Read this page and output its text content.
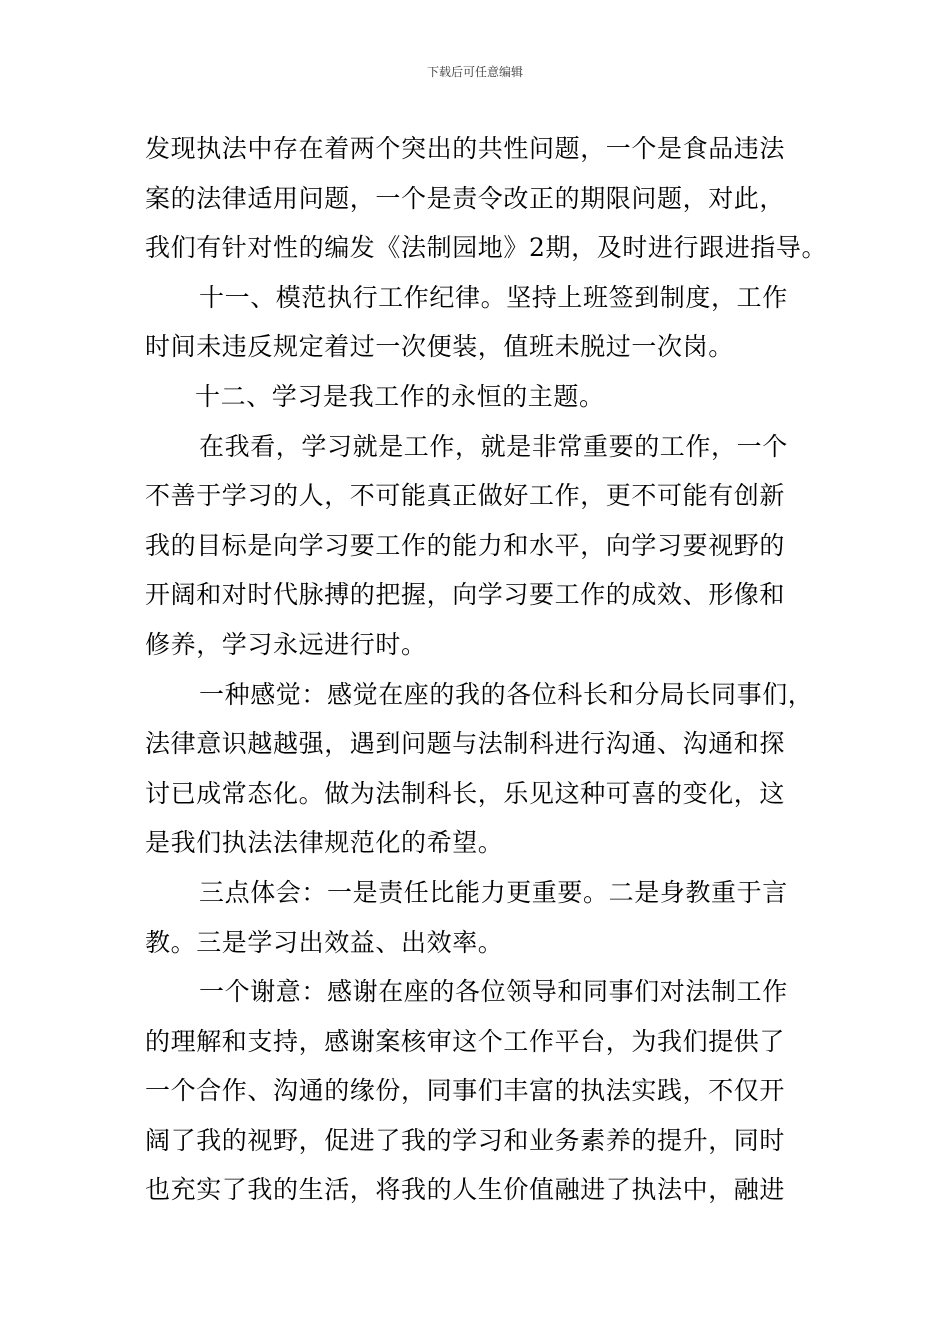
下载后可任意编辑
发现执法中存在着两个突出的共性问题，一个是食品违法
案的法律适用问题，一个是责令改正的期限问题，对此，
我们有针对性的编发《法制园地》2期，及时进行跟进指导。
十一、模范执行工作纪律。坚持上班签到制度，工作
时间未违反规定着过一次便装，值班未脱过一次岗。
十二、学习是我工作的永恒的主题。
在我看，学习就是工作，就是非常重要的工作，一个
不善于学习的人，不可能真正做好工作，更不可能有创新
我的目标是向学习要工作的能力和水平，向学习要视野的
开阔和对时代脉搏的把握，向学习要工作的成效、形像和
修养，学习永远进行时。
一种感觉：感觉在座的我的各位科长和分局长同事们，
法律意识越越强，遇到问题与法制科进行沟通、沟通和探
讨已成常态化。做为法制科长，乐见这种可喜的变化，这
是我们执法法律规范化的希望。
三点体会：一是责任比能力更重要。二是身教重于言
教。三是学习出效益、出效率。
一个谢意：感谢在座的各位领导和同事们对法制工作
的理解和支持，感谢案核审这个工作平台，为我们提供了
一个合作、沟通的缘份，同事们丰富的执法实践，不仅开
阔了我的视野，促进了我的学习和业务素养的提升，同时
也充实了我的生活，将我的人生价值融进了执法中，融进
